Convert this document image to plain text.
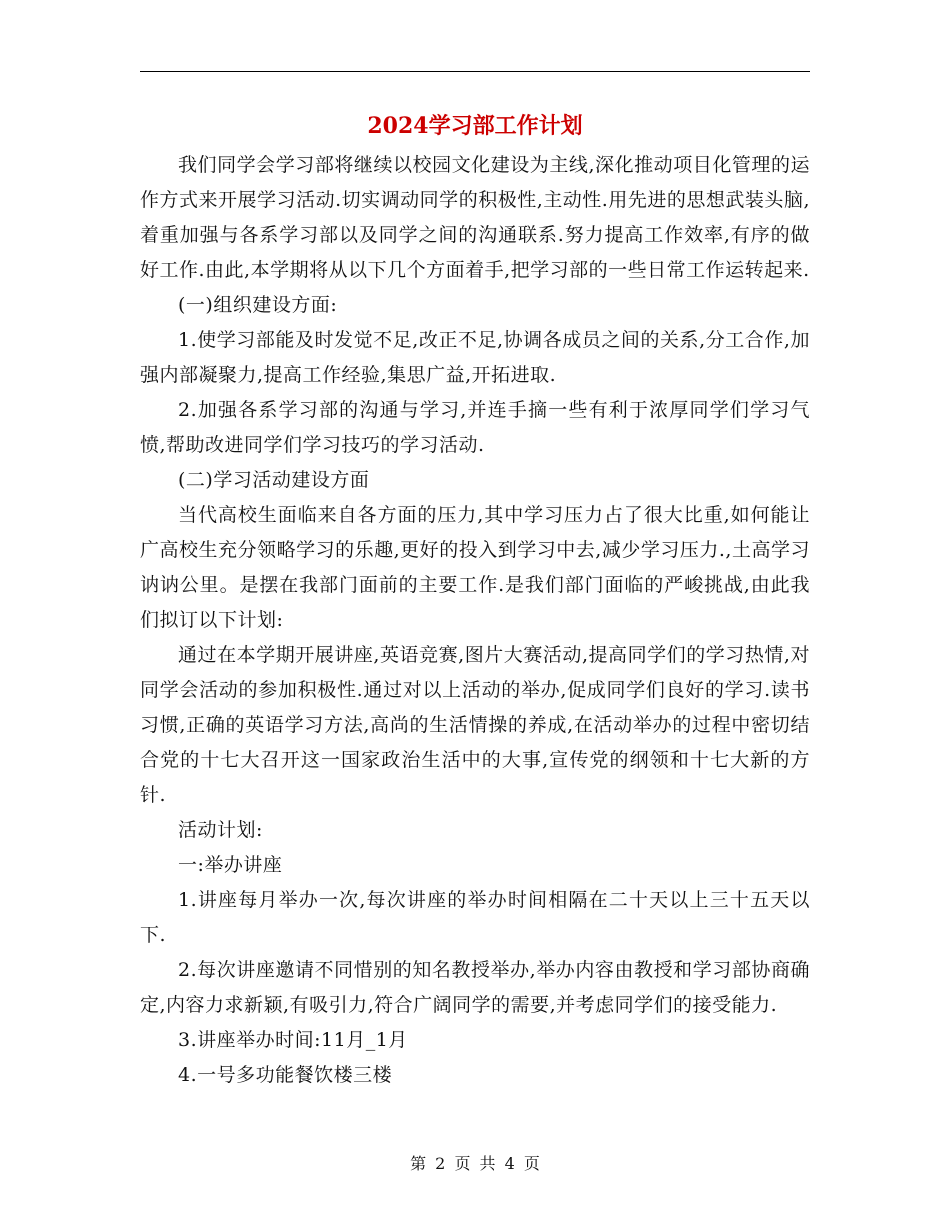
2024学习部工作计划

我们同学会学习部将继续以校园文化建设为主线,深化推动项目化管理的运作方式来开展学习活动.切实调动同学的积极性,主动性.用先进的思想武装头脑,着重加强与各系学习部以及同学之间的沟通联系.努力提高工作效率,有序的做好工作.由此,本学期将从以下几个方面着手,把学习部的一些日常工作运转起来.

(一)组织建设方面:

1.使学习部能及时发觉不足,改正不足,协调各成员之间的关系,分工合作,加强内部凝聚力,提高工作经验,集思广益,开拓进取.

2.加强各系学习部的沟通与学习,并连手摘一些有利于浓厚同学们学习气愤,帮助改进同学们学习技巧的学习活动.

(二)学习活动建设方面

当代高校生面临来自各方面的压力,其中学习压力占了很大比重,如何能让广高校生充分领略学习的乐趣,更好的投入到学习中去,减少学习压力.,土高学习讷讷公里。是摆在我部门面前的主要工作.是我们部门面临的严峻挑战,由此我们拟订以下计划:

通过在本学期开展讲座,英语竞赛,图片大赛活动,提高同学们的学习热情,对同学会活动的参加积极性.通过对以上活动的举办,促成同学们良好的学习.读书习惯,正确的英语学习方法,高尚的生活情操的养成,在活动举办的过程中密切结合党的十七大召开这一国家政治生活中的大事,宣传党的纲领和十七大新的方针.

活动计划:

一:举办讲座

1.讲座每月举办一次,每次讲座的举办时间相隔在二十天以上三十五天以下.

2.每次讲座邀请不同惜别的知名教授举办,举办内容由教授和学习部协商确定,内容力求新颖,有吸引力,符合广阔同学的需要,并考虑同学们的接受能力.

3.讲座举办时间:11月_1月

4.一号多功能餐饮楼三楼

第 2 页 共 4 页
